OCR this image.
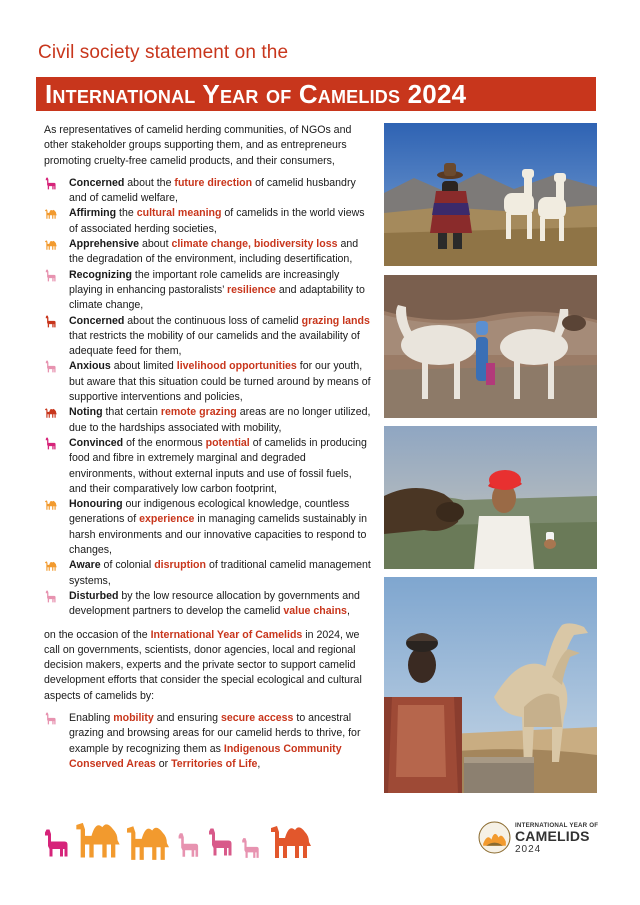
Civil society statement on the
International Year of Camelids 2024

As representatives of camelid herding communities, of NGOs and other stakeholder groups supporting them, and as entrepreneurs promoting cruelty-free camelid products, and their consumers,

Concerned about the future direction of camelid husbandry and of camelid welfare,

Affirming the cultural meaning of camelids in the world views of associated herding societies,

Apprehensive about climate change, biodiversity loss and the degradation of the environment, including desertification,

Recognizing the important role camelids are increasingly playing in enhancing pastoralists’ resilience and adaptability to climate change,

Concerned about the continuous loss of camelid grazing lands that restricts the mobility of our camelids and the availability of adequate feed for them,

Anxious about limited livelihood opportunities for our youth, but aware that this situation could be turned around by means of supportive interventions and policies,

Noting that certain remote grazing areas are no longer utilized, due to the hardships associated with mobility,

Convinced of the enormous potential of camelids in producing food and fibre in extremely marginal and degraded environments, without external inputs and use of fossil fuels, and their comparatively low carbon footprint,

Honouring our indigenous ecological knowledge, countless generations of experience in managing camelids sustainably in harsh environments and our innovative capacities to respond to changes,

Aware of colonial disruption of traditional camelid management systems,

Disturbed by the low resource allocation by governments and development partners to develop the camelid value chains,

on the occasion of the International Year of Camelids in 2024, we call on governments, scientists, donor agencies, local and regional decision makers, experts and the private sector to support camelid development efforts that consider the special ecological and cultural aspects of camelids by:

Enabling mobility and ensuring secure access to ancestral grazing and browsing areas for our camelid herds to thrive, for example by recognizing them as Indigenous Community Conserved Areas or Territories of Life,

INTERNATIONAL YEAR OF
CAMELIDS
2024
